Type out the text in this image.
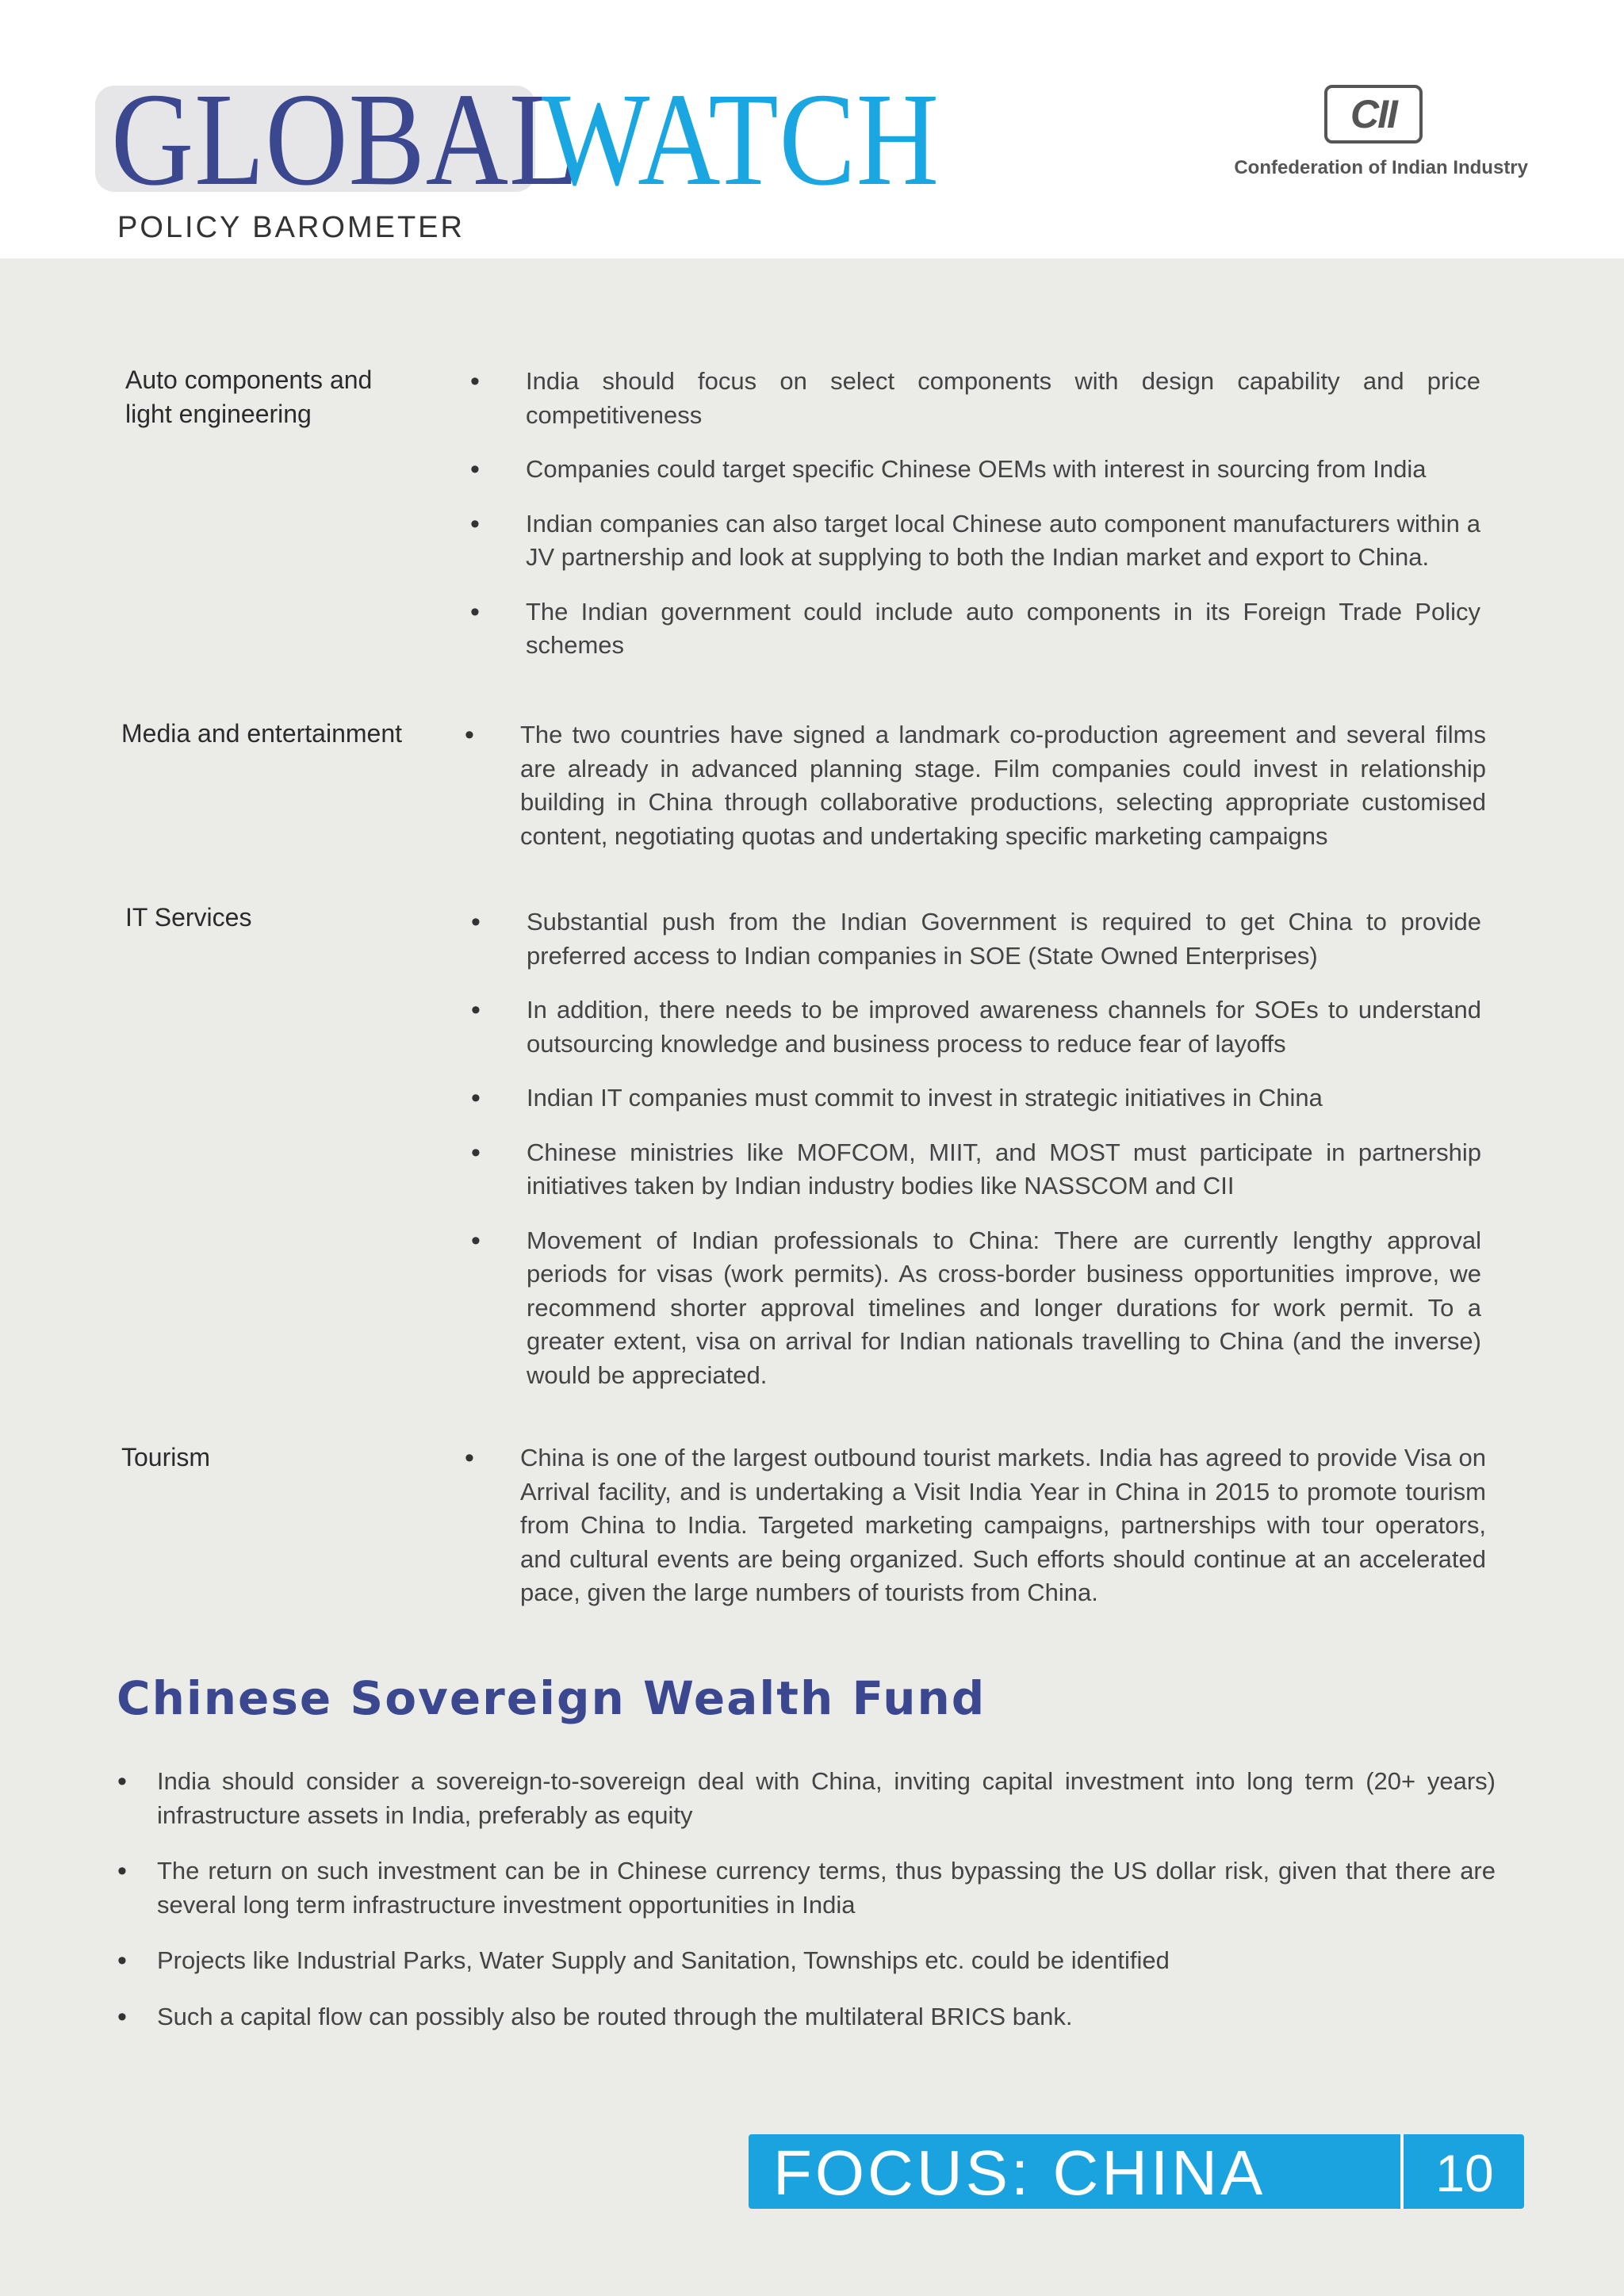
GLOBAL
WATCH
POLICY BAROMETER
CII
Confederation of Indian Industry
Auto components and
light engineering
• India should focus on select components with design capability and price competitiveness
• Companies could target specific Chinese OEMs with interest in sourcing from India
• Indian companies can also target local Chinese auto component manufacturers within a JV partnership and look at supplying to both the Indian market and export to China.
• The Indian government could include auto components in its Foreign Trade Policy schemes
Media and entertainment • The two countries have signed a landmark co-production agreement and several films are already in advanced planning stage. Film companies could invest in relationship building in China through collaborative productions, selecting appropriate customised content, negotiating quotas and undertaking specific marketing campaigns
IT Services	• Substantial push from the Indian Government is required to get China to provide preferred access to Indian companies in SOE (State Owned Enterprises)
• In addition, there needs to be improved awareness channels for SOEs to understand outsourcing knowledge and business process to reduce fear of layoffs
• Indian IT companies must commit to invest in strategic initiatives in China
• Chinese ministries like MOFCOM, MIIT, and MOST must participate in partnership initiatives taken by Indian industry bodies like NASSCOM and CII
• Movement of Indian professionals to China: There are currently lengthy approval periods for visas (work permits). As cross-border business opportunities improve, we recommend shorter approval timelines and longer durations for work permit. To a greater extent, visa on arrival for Indian nationals travelling to China (and the inverse) would be appreciated.
Tourism	• China is one of the largest outbound tourist markets. India has agreed to provide Visa on Arrival facility, and is undertaking a Visit India Year in China in 2015 to promote tourism from China to India. Targeted marketing campaigns, partnerships with tour operators, and cultural events are being organized. Such efforts should continue at an accelerated pace, given the large numbers of tourists from China.
Chinese Sovereign Wealth Fund
• India should consider a sovereign-to-sovereign deal with China, inviting capital investment into long term (20+ years) infrastructure assets in India, preferably as equity
• The return on such investment can be in Chinese currency terms, thus bypassing the US dollar risk, given that there are several long term infrastructure investment opportunities in India
• Projects like Industrial Parks, Water Supply and Sanitation, Townships etc. could be identified
• Such a capital flow can possibly also be routed through the multilateral BRICS bank.
FOCUS: CHINA	10
